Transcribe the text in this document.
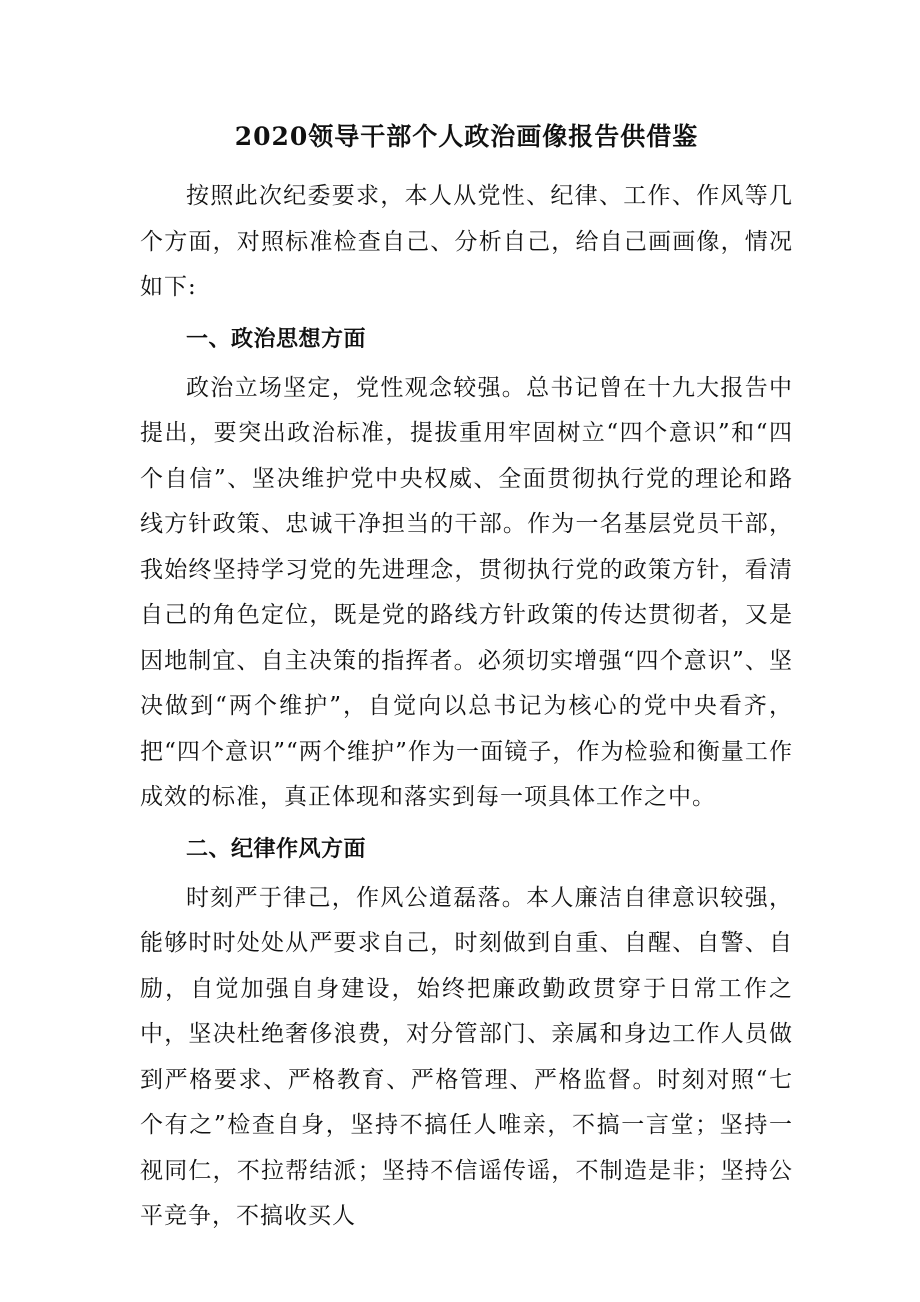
2020领导干部个人政治画像报告供借鉴

按照此次纪委要求，本人从党性、纪律、工作、作风等几个方面，对照标准检查自己、分析自己，给自己画画像，情况如下:

一、政治思想方面

政治立场坚定，党性观念较强。总书记曾在十九大报告中提出，要突出政治标准，提拔重用牢固树立“四个意识”和“四个自信”、坚决维护党中央权威、全面贯彻执行党的理论和路线方针政策、忠诚干净担当的干部。作为一名基层党员干部，我始终坚持学习党的先进理念，贯彻执行党的政策方针，看清自己的角色定位，既是党的路线方针政策的传达贯彻者，又是因地制宜、自主决策的指挥者。必须切实增强“四个意识”、坚决做到“两个维护”，自觉向以总书记为核心的党中央看齐，把“四个意识”“两个维护”作为一面镜子，作为检验和衡量工作成效的标准，真正体现和落实到每一项具体工作之中。

二、纪律作风方面

时刻严于律己，作风公道磊落。本人廉洁自律意识较强，能够时时处处从严要求自己，时刻做到自重、自醒、自警、自励，自觉加强自身建设，始终把廉政勤政贯穿于日常工作之中，坚决杜绝奢侈浪费，对分管部门、亲属和身边工作人员做到严格要求、严格教育、严格管理、严格监督。时刻对照“七个有之”检查自身，坚持不搞任人唯亲，不搞一言堂；坚持一视同仁，不拉帮结派；坚持不信谣传谣，不制造是非；坚持公平竞争，不搞收买人
